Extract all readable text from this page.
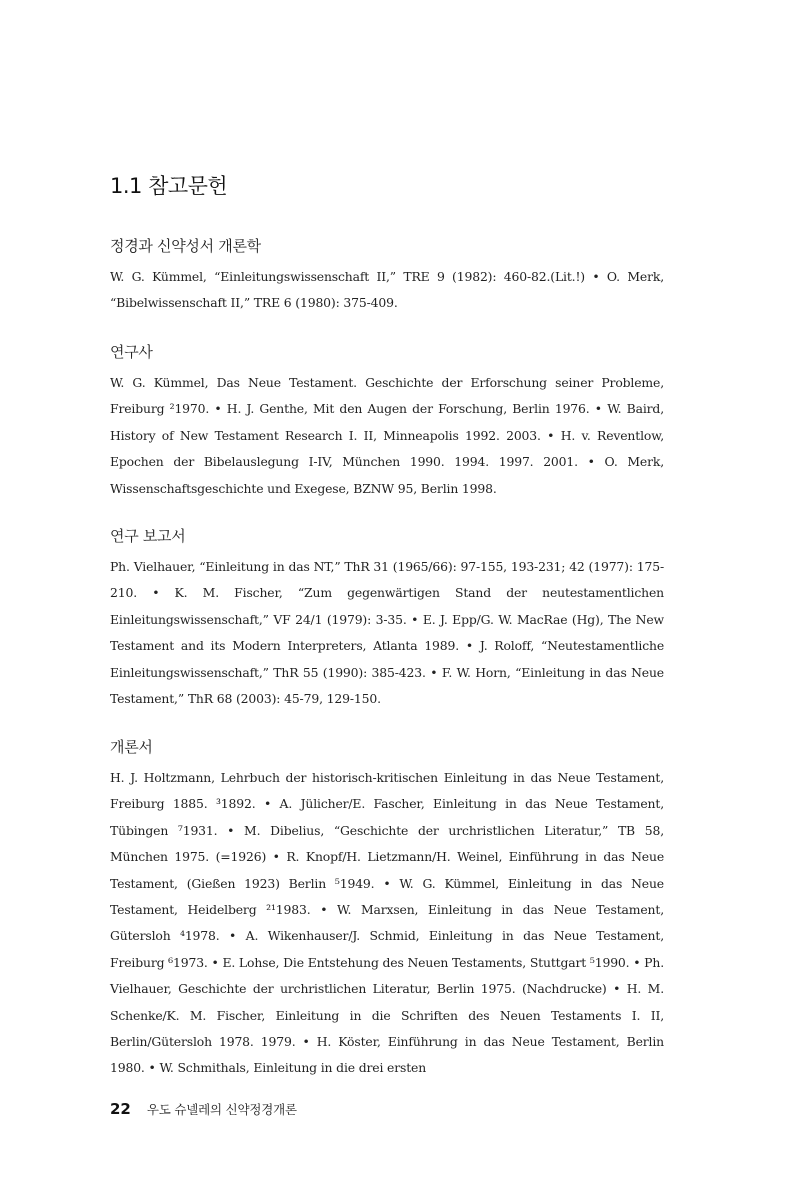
1.1 참고문헌
정경과 신약성서 개론학

W. G. Kümmel, “Einleitungswissenschaft II,” TRE 9 (1982): 460-82.(Lit.!) • O. Merk, “Bibelwissenschaft II,” TRE 6 (1980): 375-409.

연구사

W. G. Kümmel, Das Neue Testament. Geschichte der Erforschung seiner Probleme, Freiburg ²1970. • H. J. Genthe, Mit den Augen der Forschung, Berlin 1976. • W. Baird, History of New Testament Research I. II, Minneapolis 1992. 2003. • H. v. Reventlow, Epochen der Bibelauslegung I-IV, München 1990. 1994. 1997. 2001. • O. Merk, Wissenschaftsgeschichte und Exegese, BZNW 95, Berlin 1998.

연구 보고서

Ph. Vielhauer, “Einleitung in das NT,” ThR 31 (1965/66): 97-155, 193-231; 42 (1977): 175-210. • K. M. Fischer, “Zum gegenwärtigen Stand der neutestamentlichen Einleitungswissenschaft,” VF 24/1 (1979): 3-35. • E. J. Epp/G. W. MacRae (Hg), The New Testament and its Modern Interpreters, Atlanta 1989. • J. Roloff, “Neutestamentliche Einleitungswissenschaft,” ThR 55 (1990): 385-423. • F. W. Horn, “Einleitung in das Neue Testament,” ThR 68 (2003): 45-79, 129-150.

개론서

H. J. Holtzmann, Lehrbuch der historisch-kritischen Einleitung in das Neue Testament, Freiburg 1885. ³1892. • A. Jülicher/E. Fascher, Einleitung in das Neue Testament, Tübingen ⁷1931. • M. Dibelius, “Geschichte der urchristlichen Literatur,” TB 58, München 1975. (=1926) • R. Knopf/H. Lietzmann/H. Weinel, Einführung in das Neue Testament, (Gießen 1923) Berlin ⁵1949. • W. G. Kümmel, Einleitung in das Neue Testament, Heidelberg ²¹1983. • W. Marxsen, Einleitung in das Neue Testament, Gütersloh ⁴1978. • A. Wikenhauser/J. Schmid, Einleitung in das Neue Testament, Freiburg ⁶1973. • E. Lohse, Die Entstehung des Neuen Testaments, Stuttgart ⁵1990. • Ph. Vielhauer, Geschichte der urchristlichen Literatur, Berlin 1975. (Nachdrucke) • H. M. Schenke/K. M. Fischer, Einleitung in die Schriften des Neuen Testaments I. II, Berlin/Gütersloh 1978. 1979. • H. Köster, Einführung in das Neue Testament, Berlin 1980. • W. Schmithals, Einleitung in die drei ersten

22 우도 슈넬레의 신약정경개론
